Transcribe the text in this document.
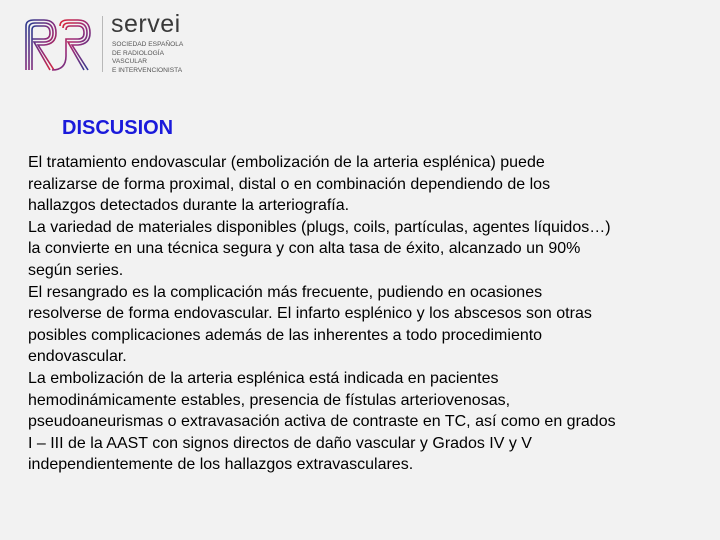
servei
SOCIEDAD ESPAÑOLA
DE RADIOLOGÍA
VASCULAR
E INTERVENCIONISTA
DISCUSION

El tratamiento endovascular (embolización de la arteria esplénica) puede
realizarse de forma proximal, distal o en combinación dependiendo de los
hallazgos detectados durante la arteriografía.

La variedad de materiales disponibles (plugs, coils, partículas, agentes líquidos…)
la convierte en una técnica segura y con alta tasa de éxito, alcanzado un 90%
según series.

El resangrado es la complicación más frecuente, pudiendo en ocasiones
resolverse de forma endovascular. El infarto esplénico y los abscesos son otras
posibles complicaciones además de las inherentes a todo procedimiento
endovascular.

La embolización de la arteria esplénica está indicada en pacientes
hemodinámicamente estables, presencia de fístulas arteriovenosas,
pseudoaneurismas o extravasación activa de contraste en TC, así como en grados
I – III de la AAST con signos directos de daño vascular y Grados IV y V
independientemente de los hallazgos extravasculares.
